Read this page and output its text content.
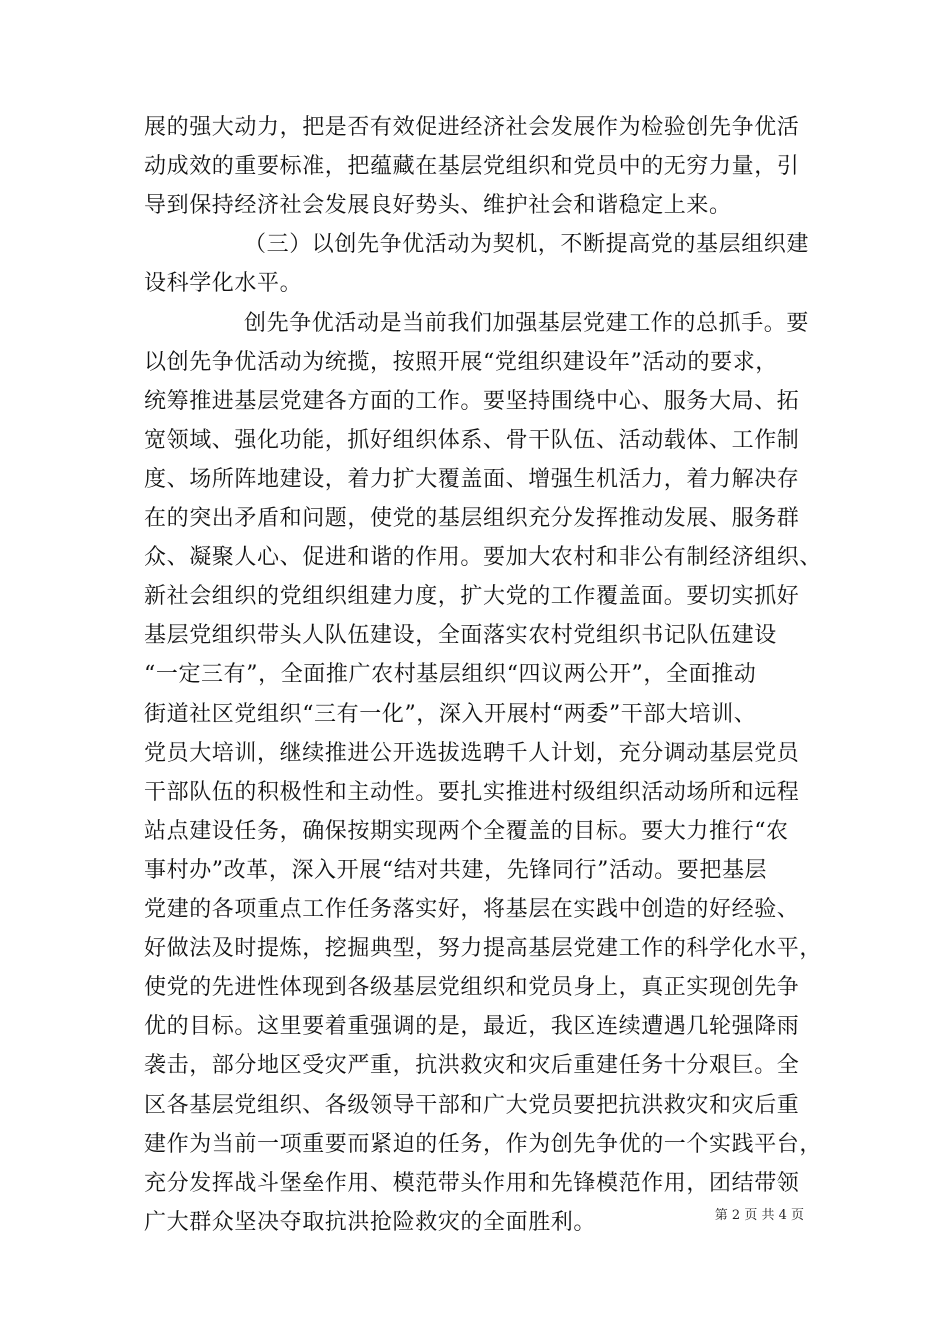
展的强大动力，把是否有效促进经济社会发展作为检验创先争优活
动成效的重要标准，把蕴藏在基层党组织和党员中的无穷力量，引
导到保持经济社会发展良好势头、维护社会和谐稳定上来。
（三）以创先争优活动为契机，不断提高党的基层组织建
设科学化水平。
创先争优活动是当前我们加强基层党建工作的总抓手。要
以创先争优活动为统揽，按照开展“党组织建设年”活动的要求，
统筹推进基层党建各方面的工作。要坚持围绕中心、服务大局、拓
宽领域、强化功能，抓好组织体系、骨干队伍、活动载体、工作制
度、场所阵地建设，着力扩大覆盖面、增强生机活力，着力解决存
在的突出矛盾和问题，使党的基层组织充分发挥推动发展、服务群
众、凝聚人心、促进和谐的作用。要加大农村和非公有制经济组织、
新社会组织的党组织组建力度，扩大党的工作覆盖面。要切实抓好
基层党组织带头人队伍建设，全面落实农村党组织书记队伍建设
“一定三有”，全面推广农村基层组织“四议两公开”，全面推动
街道社区党组织“三有一化”，深入开展村“两委”干部大培训、
党员大培训，继续推进公开选拔选聘千人计划，充分调动基层党员
干部队伍的积极性和主动性。要扎实推进村级组织活动场所和远程
站点建设任务，确保按期实现两个全覆盖的目标。要大力推行“农
事村办”改革，深入开展“结对共建，先锋同行”活动。要把基层
党建的各项重点工作任务落实好，将基层在实践中创造的好经验、
好做法及时提炼，挖掘典型，努力提高基层党建工作的科学化水平，
使党的先进性体现到各级基层党组织和党员身上，真正实现创先争
优的目标。这里要着重强调的是，最近，我区连续遭遇几轮强降雨
袭击，部分地区受灾严重，抗洪救灾和灾后重建任务十分艰巨。全
区各基层党组织、各级领导干部和广大党员要把抗洪救灾和灾后重
建作为当前一项重要而紧迫的任务，作为创先争优的一个实践平台，
充分发挥战斗堡垒作用、模范带头作用和先锋模范作用，团结带领
广大群众坚决夺取抗洪抢险救灾的全面胜利。	第 2 页 共 4 页
